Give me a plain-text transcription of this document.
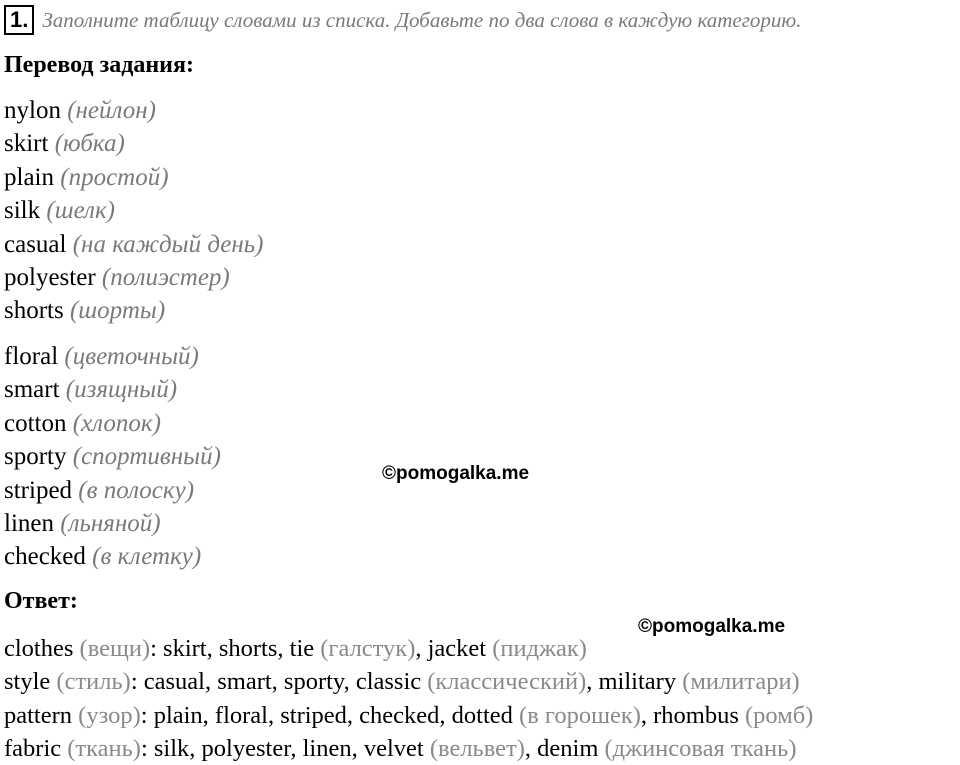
1. Заполните таблицу словами из списка. Добавьте по два слова в каждую категорию.
Перевод задания:
nylon (нейлон)
skirt (юбка)
plain (простой)
silk (шелк)
casual (на каждый день)
polyester (полиэстер)
shorts (шорты)
floral (цветочный)
smart (изящный)
cotton (хлопок)
sporty (спортивный)
striped (в полоску)
linen (льняной)
checked (в клетку)
©pomogalka.me
Ответ:
©pomogalka.me
clothes (вещи): skirt, shorts, tie (галстук), jacket (пиджак)
style (стиль): casual, smart, sporty, classic (классический), military (милитари)
pattern (узор): plain, floral, striped, checked, dotted (в горошек), rhombus (ромб)
fabric (ткань): silk, polyester, linen, velvet (вельвет), denim (джинсовая ткань)
